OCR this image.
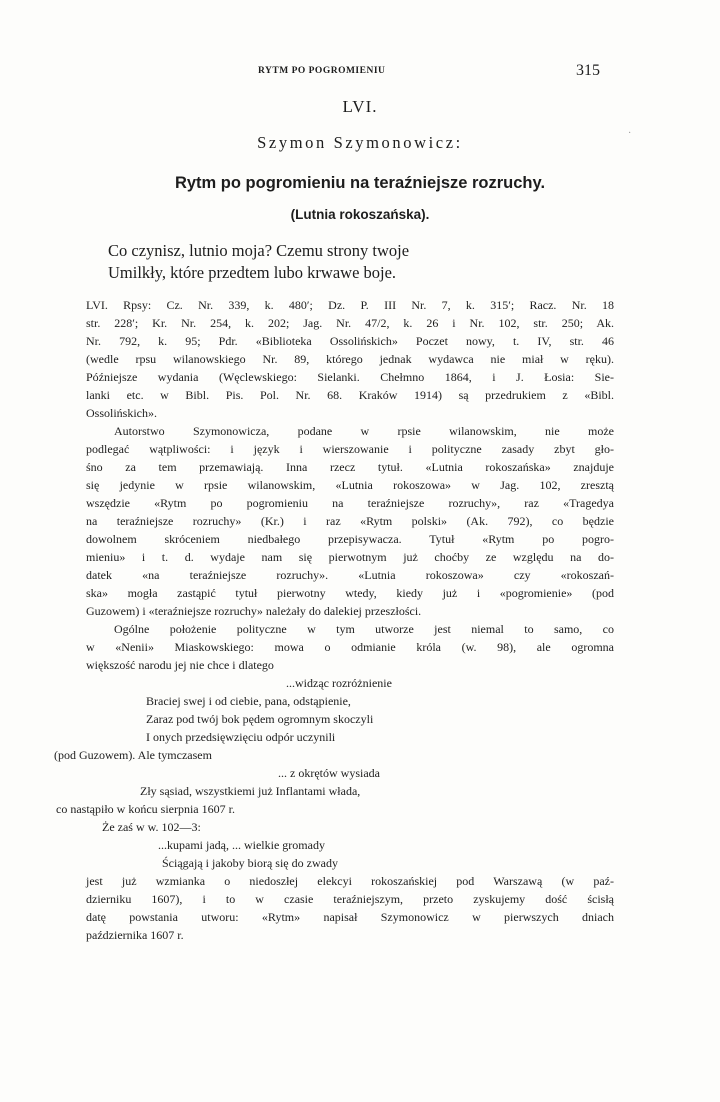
RYTM PO POGROMIENIU	315
·
LVI.
Szymon Szymonowicz:
Rytm po pogromieniu na teraźniejsze rozruchy.
(Lutnia rokoszańska).
Co czynisz, lutnio moja? Czemu strony twoje
Umilkły, które przedtem lubo krwawe boje.
LVI. Rpsy: Cz. Nr. 339, k. 480′; Dz. P. III Nr. 7, k. 315′; Racz. Nr. 18
str. 228′; Kr. Nr. 254, k. 202; Jag. Nr. 47/2, k. 26 i Nr. 102, str. 250; Ak.
Nr. 792, k. 95; Pdr. «Biblioteka Ossolińskich» Poczet nowy, t. IV, str. 46
(wedle rpsu wilanowskiego Nr. 89, którego jednak wydawca nie miał w ręku).
Późniejsze wydania (Węclewskiego: Sielanki. Chełmno 1864, i J. Łosia: Sie-
lanki etc. w Bibl. Pis. Pol. Nr. 68. Kraków 1914) są przedrukiem z «Bibl.
Ossolińskich».
Autorstwo Szymonowicza, podane w rpsie wilanowskim, nie może
podlegać wątpliwości: i język i wierszowanie i polityczne zasady zbyt gło-
śno za tem przemawiają. Inna rzecz tytuł. «Lutnia rokoszańska» znajduje
się jedynie w rpsie wilanowskim, «Lutnia rokoszowa» w Jag. 102, zresztą
wszędzie «Rytm po pogromieniu na teraźniejsze rozruchy», raz «Tragedya
na teraźniejsze rozruchy» (Kr.) i raz «Rytm polski» (Ak. 792), co będzie
dowolnem skróceniem niedbałego przepisywacza. Tytuł «Rytm po pogro-
mieniu» i t. d. wydaje nam się pierwotnym już choćby ze względu na do-
datek «na teraźniejsze rozruchy». «Lutnia rokoszowa» czy «rokoszań-
ska» mogła zastąpić tytuł pierwotny wtedy, kiedy już i «pogromienie» (pod
Guzowem) i «teraźniejsze rozruchy» należały do dalekiej przeszłości.
Ogólne położenie polityczne w tym utworze jest niemal to samo, co
w «Nenii» Miaskowskiego: mowa o odmianie króla (w. 98), ale ogromna
większość narodu jej nie chce i dlatego
...widząc rozróżnienie
Braciej swej i od ciebie, pana, odstąpienie,
Zaraz pod twój bok pędem ogromnym skoczyli
I onych przedsięwzięciu odpór uczynili
(pod Guzowem). Ale tymczasem
... z okrętów wysiada
Zły sąsiad, wszystkiemi już Inflantami włada,
co nastąpiło w końcu sierpnia 1607 r.
Że zaś w w. 102—3:
...kupami jadą, ... wielkie gromady
Ściągają i jakoby biorą się do zwady
jest już wzmianka o niedoszłej elekcyi rokoszańskiej pod Warszawą (w paź-
dzierniku 1607), i to w czasie teraźniejszym, przeto zyskujemy dość ścisłą
datę powstania utworu: «Rytm» napisał Szymonowicz w pierwszych dniach
października 1607 r.
